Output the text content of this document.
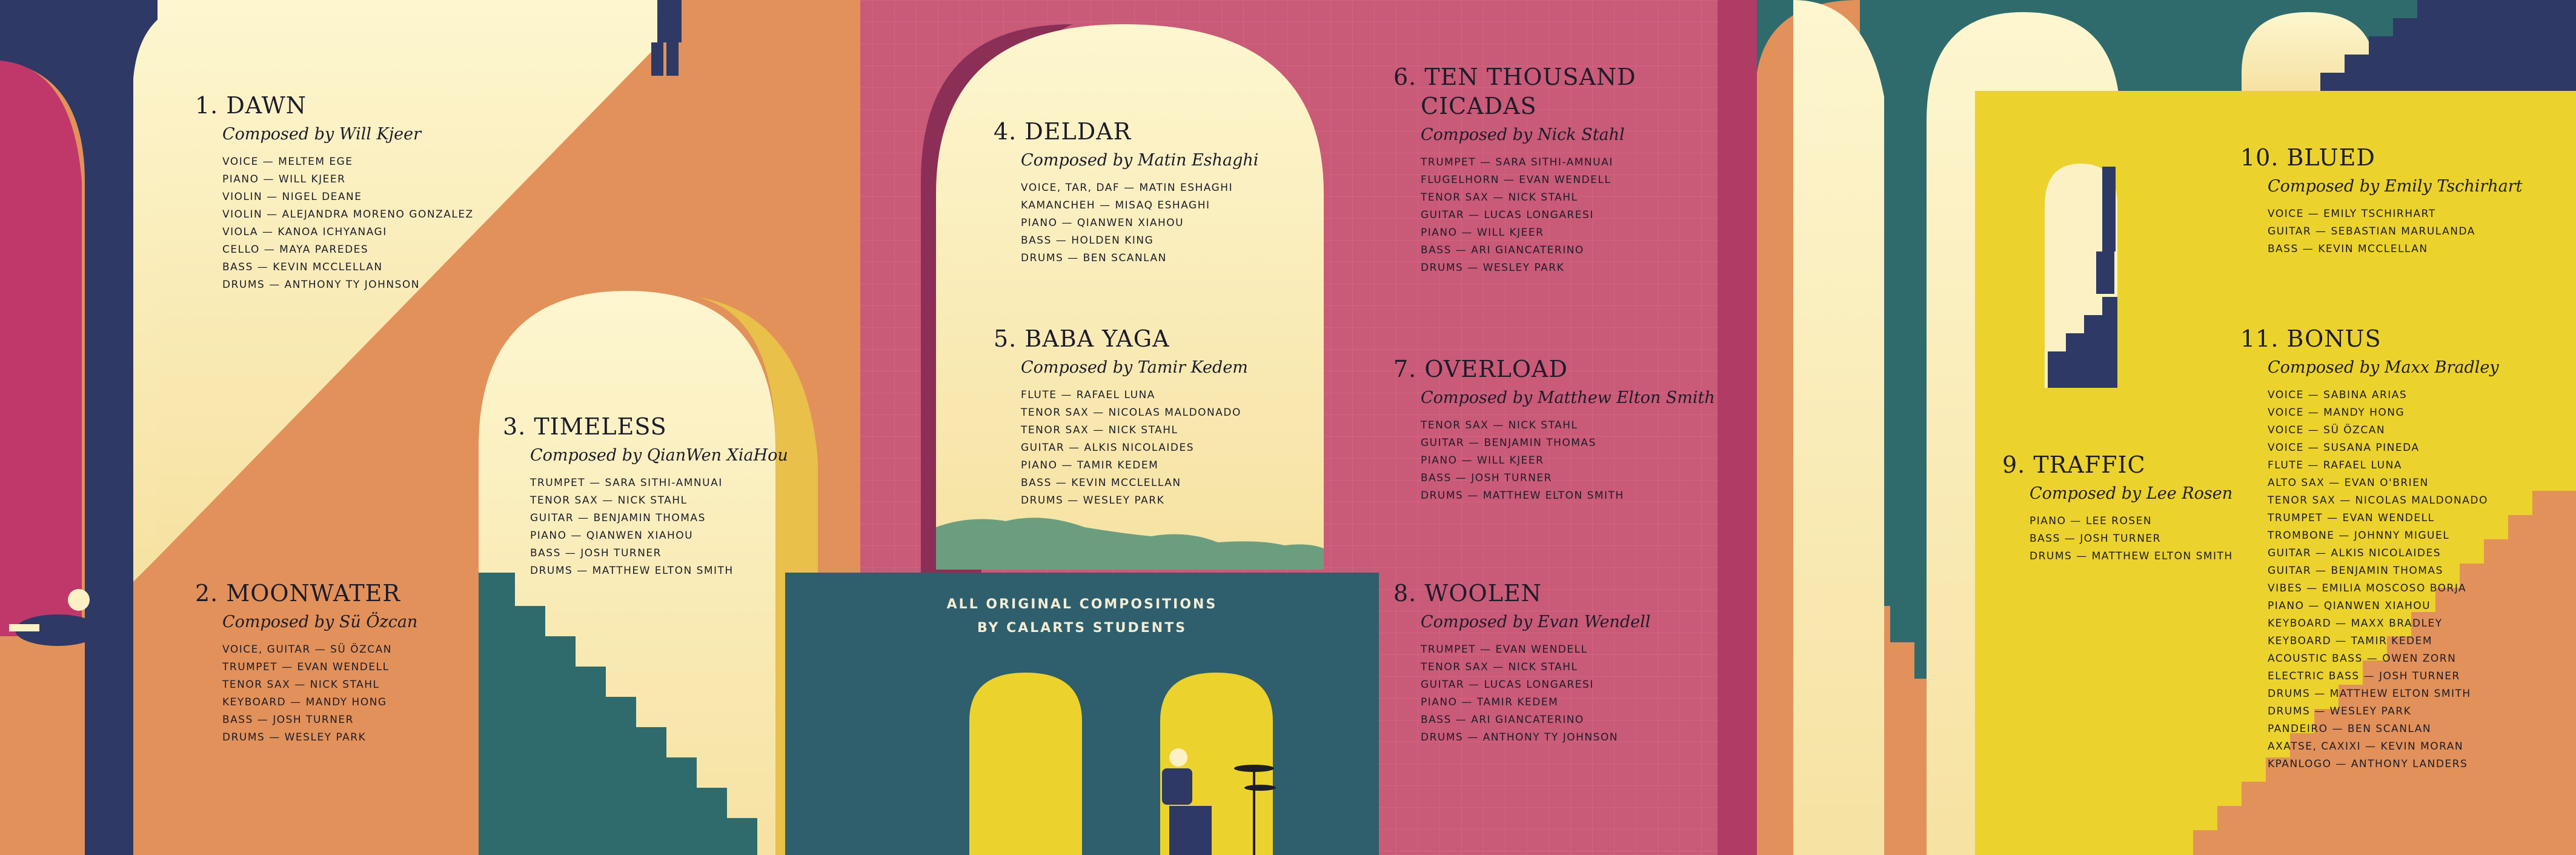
1. DAWN
Composed by Will Kjeer
VOICE — MELTEM EGE
PIANO — WILL KJEER
VIOLIN — NIGEL DEANE
VIOLIN — ALEJANDRA MORENO GONZALEZ
VIOLA — KANOA ICHYANAGI
CELLO — MAYA PAREDES
BASS — KEVIN MCCLELLAN
DRUMS — ANTHONY TY JOHNSON
2. MOONWATER
Composed by Sü Özcan
VOICE, GUITAR — SÜ ÖZCAN
TRUMPET — EVAN WENDELL
TENOR SAX — NICK STAHL
KEYBOARD — MANDY HONG
BASS — JOSH TURNER
DRUMS — WESLEY PARK
3. TIMELESS
Composed by QianWen XiaHou
TRUMPET — SARA SITHI-AMNUAI
TENOR SAX — NICK STAHL
GUITAR — BENJAMIN THOMAS
PIANO — QIANWEN XIAHOU
BASS — JOSH TURNER
DRUMS — MATTHEW ELTON SMITH
4. DELDAR
Composed by Matin Eshaghi
VOICE, TAR, DAF — MATIN ESHAGHI
KAMANCHEH — MISAQ ESHAGHI
PIANO — QIANWEN XIAHOU
BASS — HOLDEN KING
DRUMS — BEN SCANLAN
5. BABA YAGA
Composed by Tamir Kedem
FLUTE — RAFAEL LUNA
TENOR SAX — NICOLAS MALDONADO
TENOR SAX — NICK STAHL
GUITAR — ALKIS NICOLAIDES
PIANO — TAMIR KEDEM
BASS — KEVIN MCCLELLAN
DRUMS — WESLEY PARK
6. TEN THOUSAND
CICADAS
Composed by Nick Stahl
TRUMPET — SARA SITHI-AMNUAI
FLUGELHORN — EVAN WENDELL
TENOR SAX — NICK STAHL
GUITAR — LUCAS LONGARESI
PIANO — WILL KJEER
BASS — ARI GIANCATERINO
DRUMS — WESLEY PARK
7. OVERLOAD
Composed by Matthew Elton Smith
TENOR SAX — NICK STAHL
GUITAR — BENJAMIN THOMAS
PIANO — WILL KJEER
BASS — JOSH TURNER
DRUMS — MATTHEW ELTON SMITH
8. WOOLEN
Composed by Evan Wendell
TRUMPET — EVAN WENDELL
TENOR SAX — NICK STAHL
GUITAR — LUCAS LONGARESI
PIANO — TAMIR KEDEM
BASS — ARI GIANCATERINO
DRUMS — ANTHONY TY JOHNSON
9. TRAFFIC
Composed by Lee Rosen
PIANO — LEE ROSEN
BASS — JOSH TURNER
DRUMS — MATTHEW ELTON SMITH
10. BLUED
Composed by Emily Tschirhart
VOICE — EMILY TSCHIRHART
GUITAR — SEBASTIAN MARULANDA
BASS — KEVIN MCCLELLAN
11. BONUS
Composed by Maxx Bradley
VOICE — SABINA ARIAS
VOICE — MANDY HONG
VOICE — SÜ ÖZCAN
VOICE — SUSANA PINEDA
FLUTE — RAFAEL LUNA
ALTO SAX — EVAN O'BRIEN
TENOR SAX — NICOLAS MALDONADO
TRUMPET — EVAN WENDELL
TROMBONE — JOHNNY MIGUEL
GUITAR — ALKIS NICOLAIDES
GUITAR — BENJAMIN THOMAS
VIBES — EMILIA MOSCOSO BORJA
PIANO — QIANWEN XIAHOU
KEYBOARD — MAXX BRADLEY
KEYBOARD — TAMIR KEDEM
ACOUSTIC BASS — OWEN ZORN
ELECTRIC BASS — JOSH TURNER
DRUMS — MATTHEW ELTON SMITH
DRUMS — WESLEY PARK
PANDEIRO — BEN SCANLAN
AXATSE, CAXIXI — KEVIN MORAN
KPANLOGO — ANTHONY LANDERS
ALL ORIGINAL COMPOSITIONS
BY CALARTS STUDENTS
